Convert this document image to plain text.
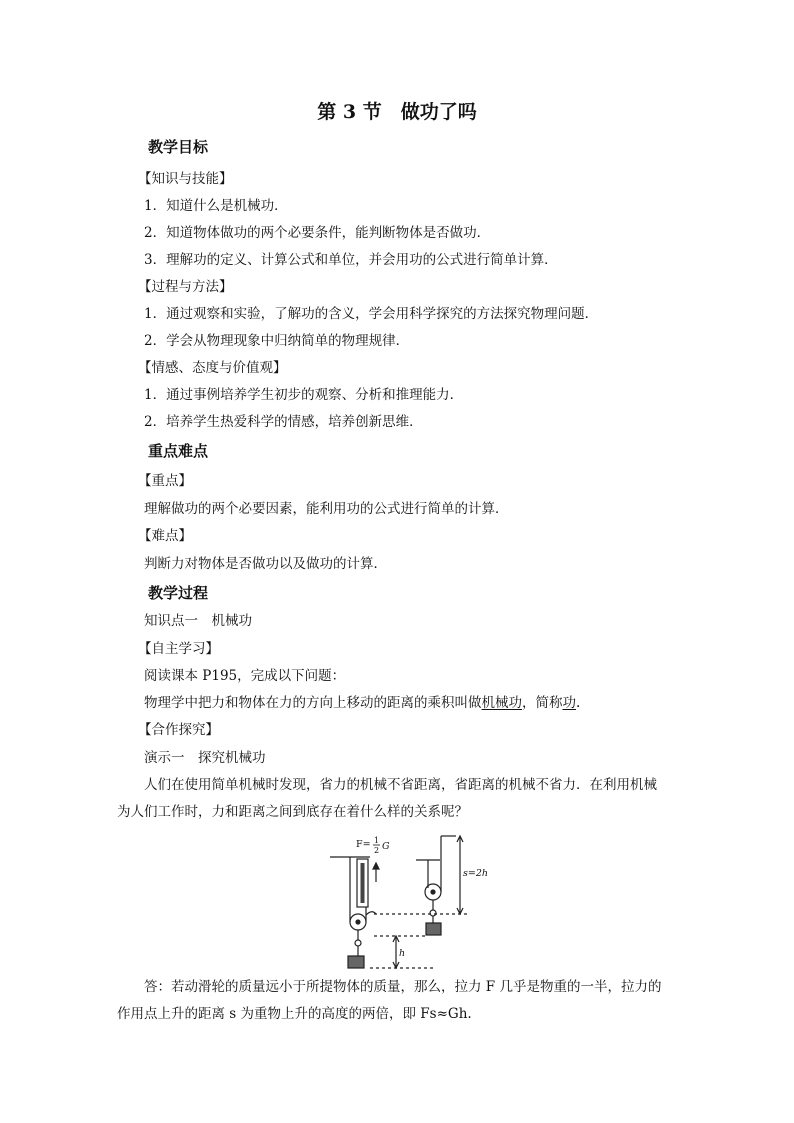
第 3 节　做功了吗
教学目标
【知识与技能】
1．知道什么是机械功．
2．知道物体做功的两个必要条件，能判断物体是否做功．
3．理解功的定义、计算公式和单位，并会用功的公式进行简单计算．
【过程与方法】
1．通过观察和实验，了解功的含义，学会用科学探究的方法探究物理问题．
2．学会从物理现象中归纳简单的物理规律．
【情感、态度与价值观】
1．通过事例培养学生初步的观察、分析和推理能力．
2．培养学生热爱科学的情感，培养创新思维．
重点难点
【重点】
理解做功的两个必要因素，能利用功的公式进行简单的计算．
【难点】
判断力对物体是否做功以及做功的计算．
教学过程
知识点一　机械功
【自主学习】
阅读课本 P195，完成以下问题：
物理学中把力和物体在力的方向上移动的距离的乘积叫做机械功，简称功.
【合作探究】
演示一　探究机械功
人们在使用简单机械时发现，省力的机械不省距离，省距离的机械不省力．在利用机械
为人们工作时，力和距离之间到底存在着什么样的关系呢？
F= 1
2 G
s=2h
h
答：若动滑轮的质量远小于所提物体的质量，那么，拉力 F 几乎是物重的一半，拉力的
作用点上升的距离 s 为重物上升的高度的两倍，即 Fs≈Gh.
